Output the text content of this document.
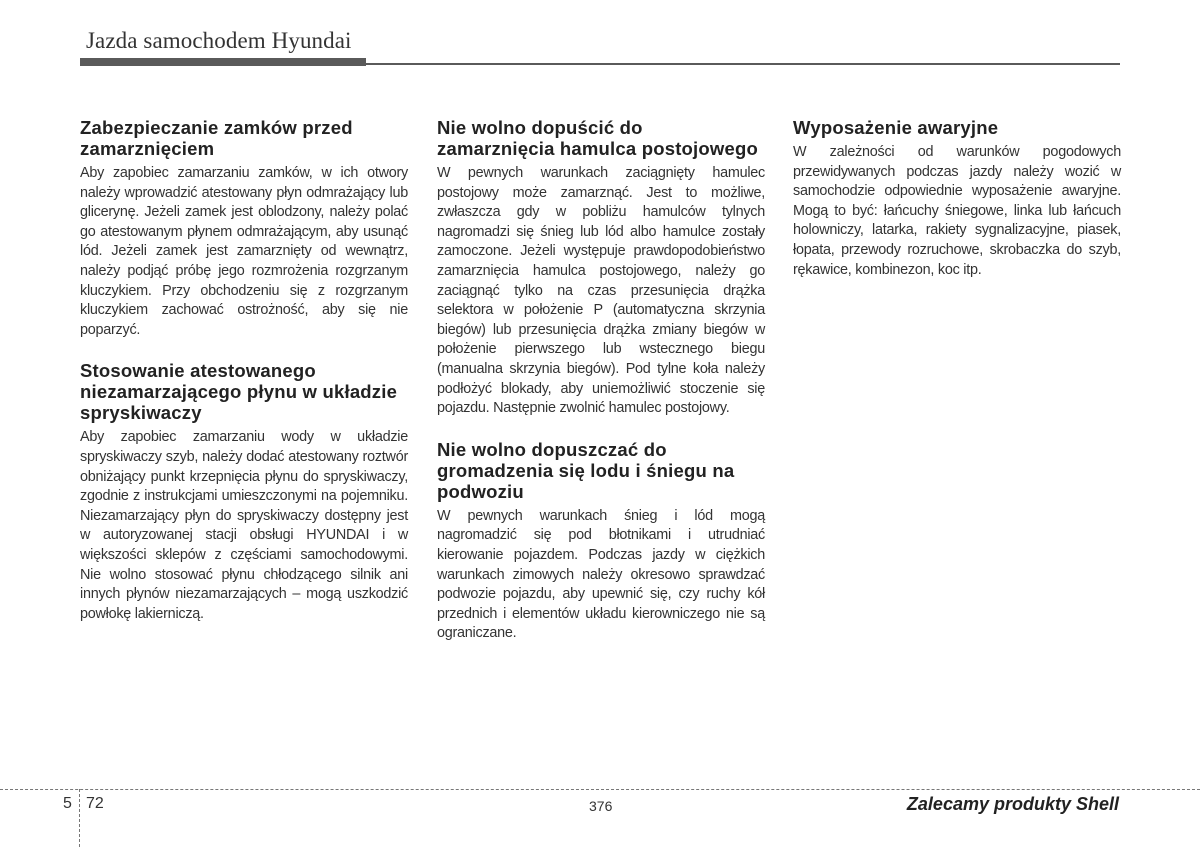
Jazda samochodem Hyundai
Zabezpieczanie zamków przed zamarznięciem

Aby zapobiec zamarzaniu zamków, w ich otwory należy wprowadzić atestowany płyn odmrażający lub glicerynę. Jeżeli zamek jest oblodzony, należy polać go atestowanym płynem odmrażającym, aby usunąć lód. Jeżeli zamek jest zamarznięty od wewnątrz, należy podjąć próbę jego rozmrożenia rozgrzanym kluczykiem. Przy obchodzeniu się z rozgrzanym kluczykiem zachować ostrożność, aby się nie poparzyć.

Stosowanie atestowanego niezamarzającego płynu w układzie spryskiwaczy

Aby zapobiec zamarzaniu wody w układzie spryskiwaczy szyb, należy dodać atestowany roztwór obniżający punkt krzepnięcia płynu do spryskiwaczy, zgodnie z instrukcjami umieszczonymi na pojemniku. Niezamarzający płyn do spryskiwaczy dostępny jest w autoryzowanej stacji obsługi HYUNDAI i w większości sklepów z częściami samochodowymi. Nie wolno stosować płynu chłodzącego silnik ani innych płynów niezamarzających – mogą uszkodzić powłokę lakierniczą.

Nie wolno dopuścić do zamarznięcia hamulca postojowego

W pewnych warunkach zaciągnięty hamulec postojowy może zamarznąć. Jest to możliwe, zwłaszcza gdy w pobliżu hamulców tylnych nagromadzi się śnieg lub lód albo hamulce zostały zamoczone. Jeżeli występuje prawdopodobieństwo zamarznięcia hamulca postojowego, należy go zaciągnąć tylko na czas przesunięcia drążka selektora w położenie P (automatyczna skrzynia biegów) lub przesunięcia drążka zmiany biegów w położenie pierwszego lub wstecznego biegu (manualna skrzynia biegów). Pod tylne koła należy podłożyć blokady, aby uniemożliwić stoczenie się pojazdu. Następnie zwolnić hamulec postojowy.

Nie wolno dopuszczać do gromadzenia się lodu i śniegu na podwoziu

W pewnych warunkach śnieg i lód mogą nagromadzić się pod błotnikami i utrudniać kierowanie pojazdem. Podczas jazdy w ciężkich warunkach zimowych należy okresowo sprawdzać podwozie pojazdu, aby upewnić się, czy ruchy kół przednich i elementów układu kierowniczego nie są ograniczane.

Wyposażenie awaryjne

W zależności od warunków pogodowych przewidywanych podczas jazdy należy wozić w samochodzie odpowiednie wyposażenie awaryjne. Mogą to być: łańcuchy śniegowe, linka lub łańcuch holowniczy, latarka, rakiety sygnalizacyjne, piasek, łopata, przewody rozruchowe, skrobaczka do szyb, rękawice, kombinezon, koc itp.

5 72	376	Zalecamy produkty Shell
